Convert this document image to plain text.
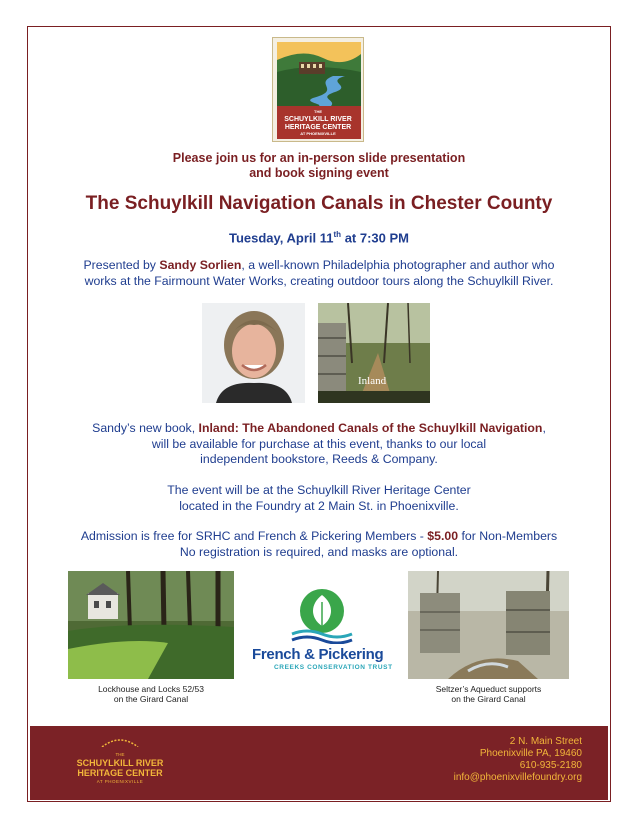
THE
SCHUYLKILL RIVER
HERITAGE CENTER
AT PHOENIXVILLE
Please join us for an in-person slide presentation
and book signing event
The Schuylkill Navigation Canals in Chester County
Tuesday, April 11th at 7:30 PM
Presented by Sandy Sorlien, a well-known Philadelphia photographer and author who
works at the Fairmount Water Works, creating outdoor tours along the Schuylkill River.
Inland
Sandy’s new book, Inland: The Abandoned Canals of the Schuylkill Navigation,
will be available for purchase at this event, thanks to our local
independent bookstore, Reeds & Company.
The event will be at the Schuylkill River Heritage Center
located in the Foundry at 2 Main St. in Phoenixville.
Admission is free for SRHC and French & Pickering Members - $5.00 for Non-Members
No registration is required, and masks are optional.
Lockhouse and Locks 52/53
on the Girard Canal
French & Pickering
CREEKS CONSERVATION TRUST
Seltzer’s Aqueduct supports
on the Girard Canal
THE
SCHUYLKILL RIVER
HERITAGE CENTER
AT PHOENIXVILLE
2 N. Main Street
Phoenixville PA, 19460
610-935-2180
info@phoenixvillefoundry.org
